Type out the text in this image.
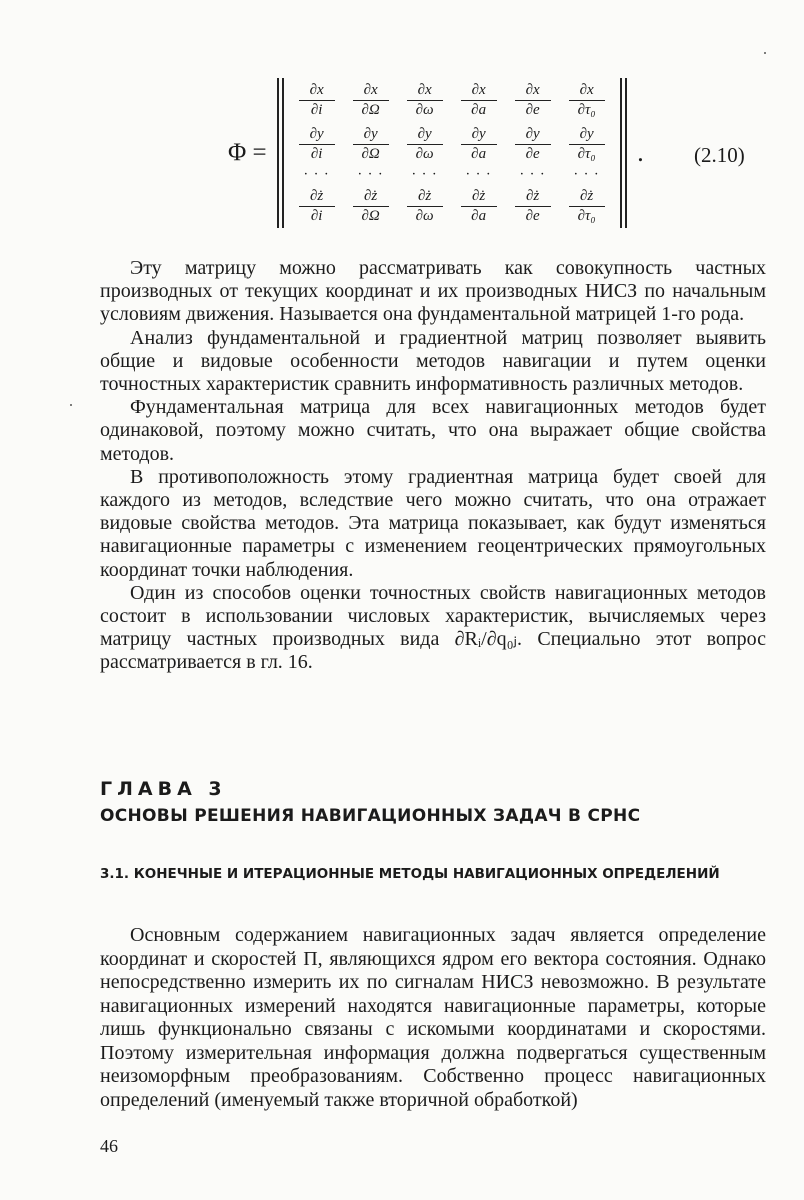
Φ =
$\frac{\partial x}{\partial i} \frac{\partial x}{\partial\Omega} \frac{\partial x}{\partial\omega} \frac{\partial x}{\partial a} \frac{\partial x}{\partial e} \frac{\partial x}{\text{∂τ₀}}$
$\frac{\partial y}{\partial i} \frac{\partial y}{\partial\Omega} \frac{\partial y}{\partial\omega} \frac{\partial y}{\partial a} \frac{\partial y}{\partial e} \frac{\partial y}{\text{∂τ₀}}$
· · ·	· · ·	· · ·	· · ·	· · ·	· · ·
$\frac{\partial ż}{\partial i} \frac{\partial ż}{\partial\Omega} \frac{\partial ż}{\partial\omega} \frac{\partial ż}{\partial a} \frac{\partial ż}{\partial e} \frac{\partial ż}{\text{∂τ₀}}$
. (2.10)

Эту матрицу можно рассматривать как совокупность частных производных от текущих координат и их производных НИСЗ по начальным условиям движения. Называется она фундаментальной матрицей 1-го рода.

Анализ фундаментальной и градиентной матриц позволяет выявить общие и видовые особенности методов навигации и путем оценки точностных характеристик сравнить информативность различных методов.

Фундаментальная матрица для всех навигационных методов будет одинаковой, поэтому можно считать, что она выражает общие свойства методов.

В противоположность этому градиентная матрица будет своей для каждого из методов, вследствие чего можно считать, что она отражает видовые свойства методов. Эта матрица показывает, как будут изменяться навигационные параметры с изменением геоцентрических прямоугольных координат точки наблюдения.

Один из способов оценки точностных свойств навигационных методов состоит в использовании числовых характеристик, вычисляемых через матрицу частных производных вида ∂Rᵢ/∂q₀ⱼ. Специально этот вопрос рассматривается в гл. 16.

ГЛАВА 3
ОСНОВЫ РЕШЕНИЯ НАВИГАЦИОННЫХ ЗАДАЧ В СРНС
3.1. КОНЕЧНЫЕ И ИТЕРАЦИОННЫЕ МЕТОДЫ НАВИГАЦИОННЫХ ОПРЕДЕЛЕНИЙ

Основным содержанием навигационных задач является определение координат и скоростей П, являющихся ядром его вектора состояния. Однако непосредственно измерить их по сигналам НИСЗ невозможно. В результате навигационных измерений находятся навигационные параметры, которые лишь функционально связаны с искомыми координатами и скоростями. Поэтому измерительная информация должна подвергаться существенным неизоморфным преобразованиям. Собственно процесс навигационных определений (именуемый также вторичной обработкой)

46
